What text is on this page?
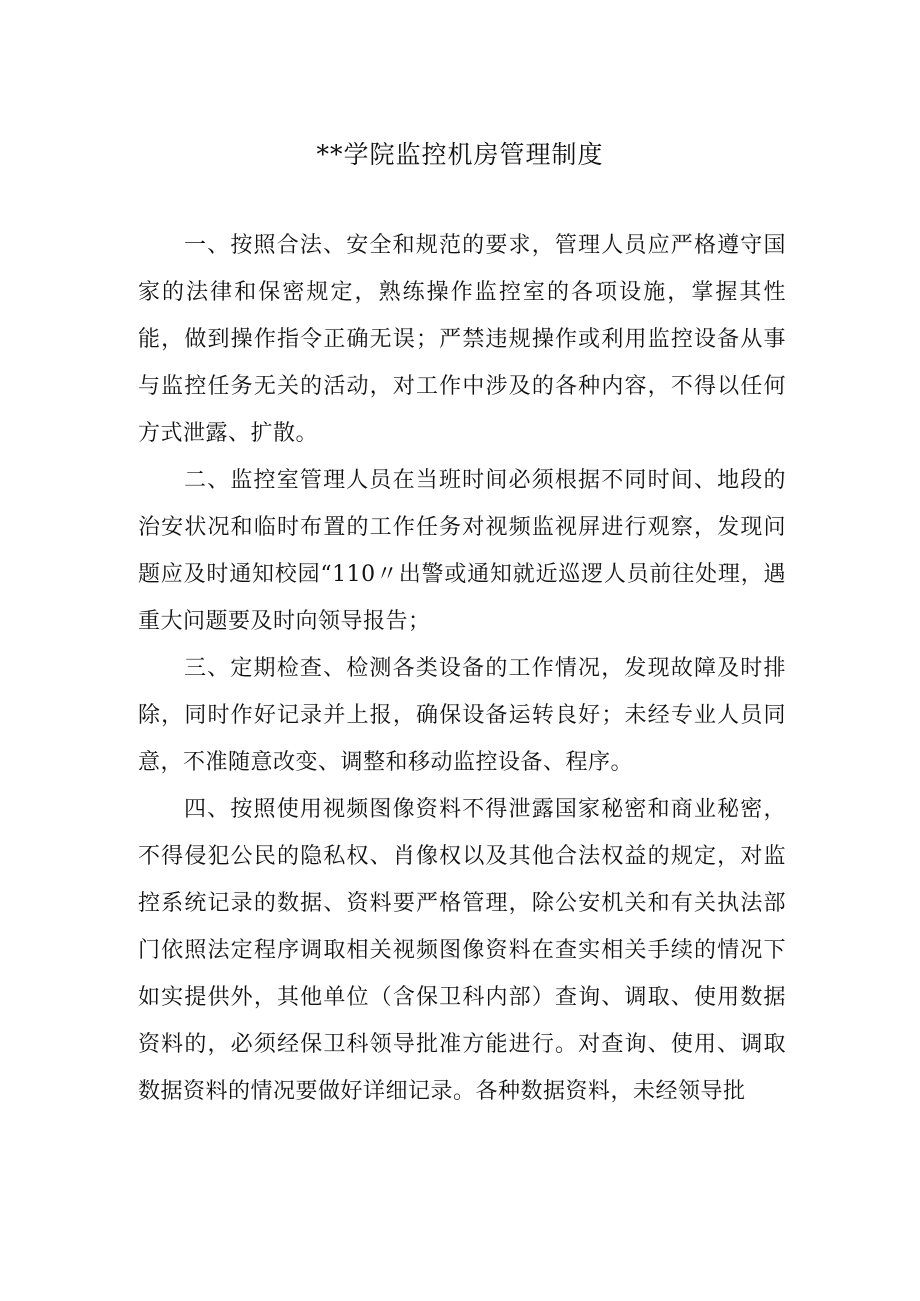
**学院监控机房管理制度

一、按照合法、安全和规范的要求，管理人员应严格遵守国家的法律和保密规定，熟练操作监控室的各项设施，掌握其性能，做到操作指令正确无误；严禁违规操作或利用监控设备从事与监控任务无关的活动，对工作中涉及的各种内容，不得以任何方式泄露、扩散。

二、监控室管理人员在当班时间必须根据不同时间、地段的治安状况和临时布置的工作任务对视频监视屏进行观察，发现问题应及时通知校园“110〃出警或通知就近巡逻人员前往处理，遇重大问题要及时向领导报告；

三、定期检查、检测各类设备的工作情况，发现故障及时排除，同时作好记录并上报，确保设备运转良好；未经专业人员同意，不准随意改变、调整和移动监控设备、程序。

四、按照使用视频图像资料不得泄露国家秘密和商业秘密，不得侵犯公民的隐私权、肖像权以及其他合法权益的规定，对监控系统记录的数据、资料要严格管理，除公安机关和有关执法部门依照法定程序调取相关视频图像资料在查实相关手续的情况下如实提供外，其他单位（含保卫科内部）查询、调取、使用数据资料的，必须经保卫科领导批准方能进行。对查询、使用、调取数据资料的情况要做好详细记录。各种数据资料，未经领导批
